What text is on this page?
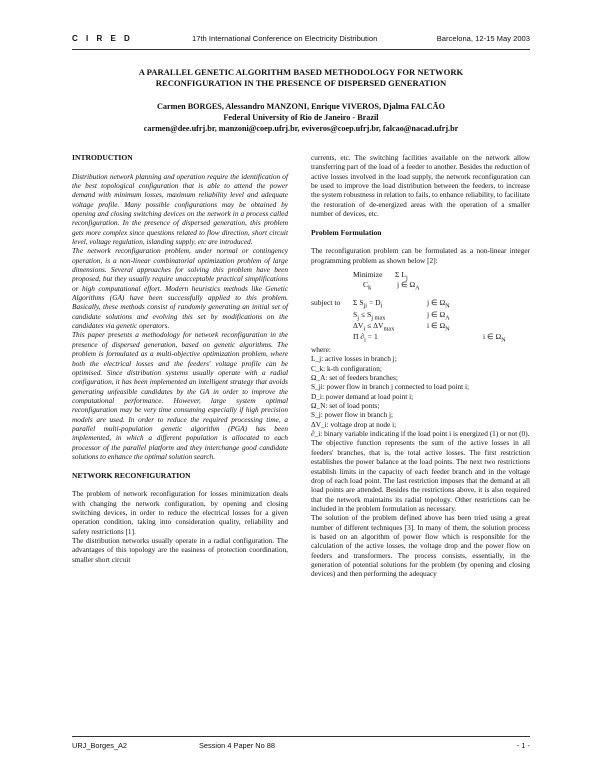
C I R E D	17th International Conference on Electricity Distribution	Barcelona, 12-15 May 2003
A PARALLEL GENETIC ALGORITHM BASED METHODOLOGY FOR NETWORK
RECONFIGURATION IN THE PRESENCE OF DISPERSED GENERATION
Carmen BORGES, Alessandro MANZONI, Enrique VIVEROS, Djalma FALCÃO
Federal University of Rio de Janeiro - Brazil
carmen@dee.ufrj.br, manzoni@coep.ufrj.br, eviveros@coep.ufrj.br, falcao@nacad.ufrj.br

INTRODUCTION

Distribution network planning and operation require the identification of the best topological configuration that is able to attend the power demand with minimum losses, maximum reliability level and adequate voltage profile. Many possible configurations may be obtained by opening and closing switching devices on the network in a process called reconfiguration. In the presence of dispersed generation, this problem gets more complex since questions related to flow direction, short circuit level, voltage regulation, islanding supply, etc are introduced.

The network reconfiguration problem, under normal or contingency operation, is a non-linear combinatorial optimization problem of large dimensions. Several approaches for solving this problem have been proposed, but they usually require unacceptable practical simplifications or high computational effort. Modern heuristics methods like Genetic Algorithms (GA) have been successfully applied to this problem. Basically, these methods consist of randomly generating an initial set of candidate solutions and evolving this set by modifications on the candidates via genetic operators.

This paper presents a methodology for network reconfiguration in the presence of dispersed generation, based on genetic algorithms. The problem is formulated as a multi-objective optimization problem, where both the electrical losses and the feeders' voltage profile can be optimised. Since distribution systems usually operate with a radial configuration, it has been implemented an intelligent strategy that avoids generating unfeasible candidates by the GA in order to improve the computational performance. However, large system optimal reconfiguration may be very time consuming especially if high precision models are used. In order to reduce the required processing time, a parallel multi-population genetic algorithm (PGA) has been implemented, in which a different population is allocated to each processor of the parallel platform and they interchange good candidate solutions to enhance the optimal solution search.

NETWORK RECONFIGURATION

The problem of network reconfiguration for losses minimization deals with changing the network configuration, by opening and closing switching devices, in order to reduce the electrical losses for a given operation condition, taking into consideration quality, reliability and safety restrictions [1].

The distribution networks usually operate in a radial configuration. The advantages of this topology are the easiness of protection coordination, smaller short circuit

currents, etc. The switching facilities available on the network allow transferring part of the load of a feeder to another. Besides the reduction of active losses involved in the load supply, the network reconfiguration can be used to improve the load distribution between the feeders, to increase the system robustness in relation to fails, to enhance reliability, to facilitate the restoration of de-energized areas with the operation of a smaller number of devices, etc.

Problem Formulation

The reconfiguration problem can be formulated as a non-linear integer programming problem as shown below [2]:

Minimize Σ $L_j$
$C_k$	j ∈ $\Omega_A$
subject to Σ $S_{ji} = D_i$	j ∈ $\Omega_N$
$S_j \le S_{j max}$	j ∈ $\Omega_A$
$\Delta V_i \le \Delta V_{max}$	i ∈ $\Omega_N$
Π $\partial_i = 1$	i ∈ $\Omega_N$

where:

L_j: active losses in branch j;

C_k: k-th configuration;

Ω_A: set of feeders branches;

S_ji: power flow in branch j connected to load point i;

D_i: power demand at load point i;

Ω_N: set of load ponts;

S_j: power flow in branch j;

ΔV_i: voltage drop at node i;

∂_i: binary variable indicating if the load point i is energized (1) or not (0).

The objective function represents the sum of the active losses in all feeders' branches, that is, the total active losses. The first restriction establishes the power balance at the load points. The next two restrictions establish limits in the capacity of each feeder branch and in the voltage drop of each load point. The last restriction imposes that the demand at all load points are attended. Besides the restrictions above, it is also required that the network maintains its radial topology. Other restrictions can be included in the problem formulation as necessary.

The solution of the problem defined above has been tried using a great number of different techniques [3]. In many of them, the solution process is based on an algorithm of power flow which is responsible for the calculation of the active losses, the voltage drop and the power flow on feeders and transformers. The process consists, essentially, in the generation of potential solutions for the problem (by opening and closing devices) and then performing the adequacy

URJ_Borges_A2	Session 4 Paper No 88	- 1 -
